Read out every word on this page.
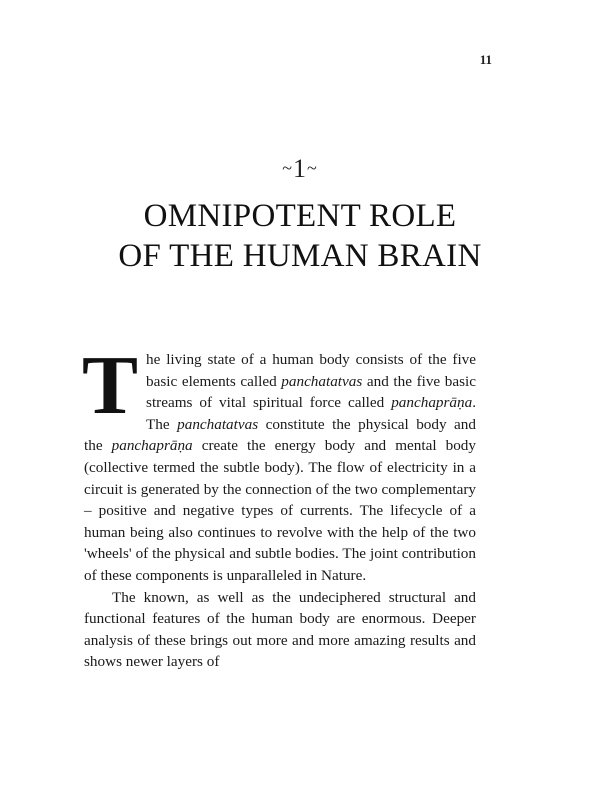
11
~1~
OMNIPOTENT ROLE
OF THE HUMAN BRAIN

The living state of a human body consists of the five basic elements called panchatatvas and the five basic streams of vital spiritual force called panchaprāṇa. The panchatatvas constitute the physical body and the panchaprāṇa create the energy body and mental body (collective termed the subtle body). The flow of electricity in a circuit is generated by the connection of the two complementary – positive and negative types of currents. The lifecycle of a human being also continues to revolve with the help of the two 'wheels' of the physical and subtle bodies. The joint contribution of these components is unparalleled in Nature.

The known, as well as the undeciphered structural and functional features of the human body are enormous. Deeper analysis of these brings out more and more amazing results and shows newer layers of
